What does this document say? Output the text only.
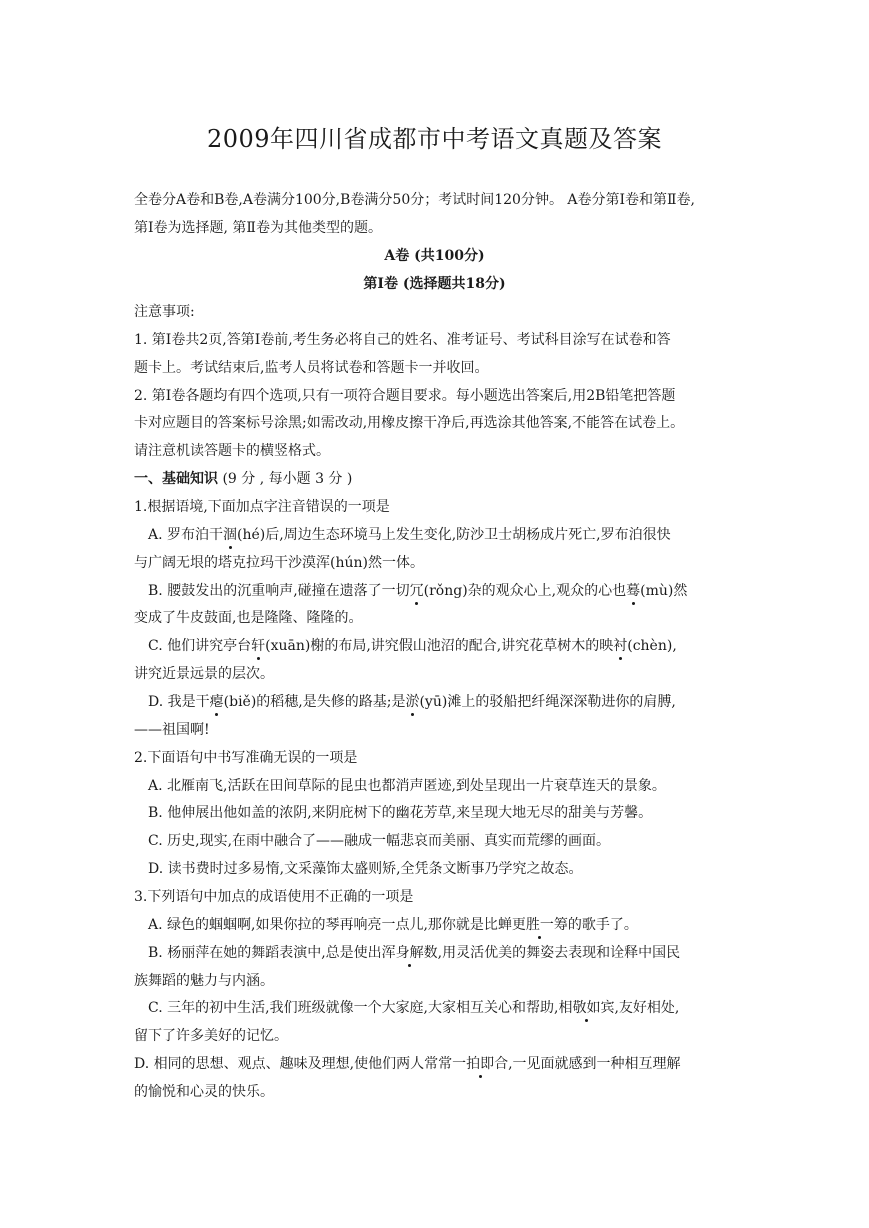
2009年四川省成都市中考语文真题及答案
全卷分A卷和B卷,A卷满分100分,B卷满分50分；考试时间120分钟。 A卷分第Ⅰ卷和第Ⅱ卷,
第Ⅰ卷为选择题, 第Ⅱ卷为其他类型的题。
A卷 (共100分)
第Ⅰ卷 (选择题共18分)
注意事项:
1. 第Ⅰ卷共2页,答第Ⅰ卷前,考生务必将自己的姓名、准考证号、考试科目涂写在试卷和答
题卡上。考试结束后,监考人员将试卷和答题卡一并收回。
2. 第Ⅰ卷各题均有四个选项,只有一项符合题目要求。每小题选出答案后,用2B铅笔把答题
卡对应题目的答案标号涂黑;如需改动,用橡皮擦干净后,再选涂其他答案,不能答在试卷上。
请注意机读答题卡的横竖格式。
一、基础知识 (9 分 , 每小题 3 分 )
1.根据语境,下面加点字注音错误的一项是
A. 罗布泊干涸(hé)后,周边生态环境马上发生变化,防沙卫士胡杨成片死亡,罗布泊很快
与广阔无垠的塔克拉玛干沙漠浑(hún)然一体。
B. 腰鼓发出的沉重响声,碰撞在遗落了一切冗(rǒng)杂的观众心上,观众的心也蓦(mù)然
变成了牛皮鼓面,也是隆隆、隆隆的。
C. 他们讲究亭台轩(xuān)榭的布局,讲究假山池沼的配合,讲究花草树木的映衬(chèn),
讲究近景远景的层次。
D. 我是干瘪(biě)的稻穗,是失修的路基;是淤(yū)滩上的驳船把纤绳深深勒进你的肩膊,
——祖国啊!
2.下面语句中书写准确无误的一项是
A. 北雁南飞,活跃在田间草际的昆虫也都消声匿迹,到处呈现出一片衰草连天的景象。
B. 他伸展出他如盖的浓阴,来阴庇树下的幽花芳草,来呈现大地无尽的甜美与芳馨。
C. 历史,现实,在雨中融合了——融成一幅悲哀而美丽、真实而荒缪的画面。
D. 读书费时过多易惰,文采藻饰太盛则矫,全凭条文断事乃学究之故态。
3.下列语句中加点的成语使用不正确的一项是
A. 绿色的蝈蝈啊,如果你拉的琴再响亮一点儿,那你就是比蝉更胜一筹的歌手了。
B. 杨丽萍在她的舞蹈表演中,总是使出浑身解数,用灵活优美的舞姿去表现和诠释中国民
族舞蹈的魅力与内涵。
C. 三年的初中生活,我们班级就像一个大家庭,大家相互关心和帮助,相敬如宾,友好相处,
留下了许多美好的记忆。
D. 相同的思想、观点、趣味及理想,使他们两人常常一拍即合,一见面就感到一种相互理解
的愉悦和心灵的快乐。
